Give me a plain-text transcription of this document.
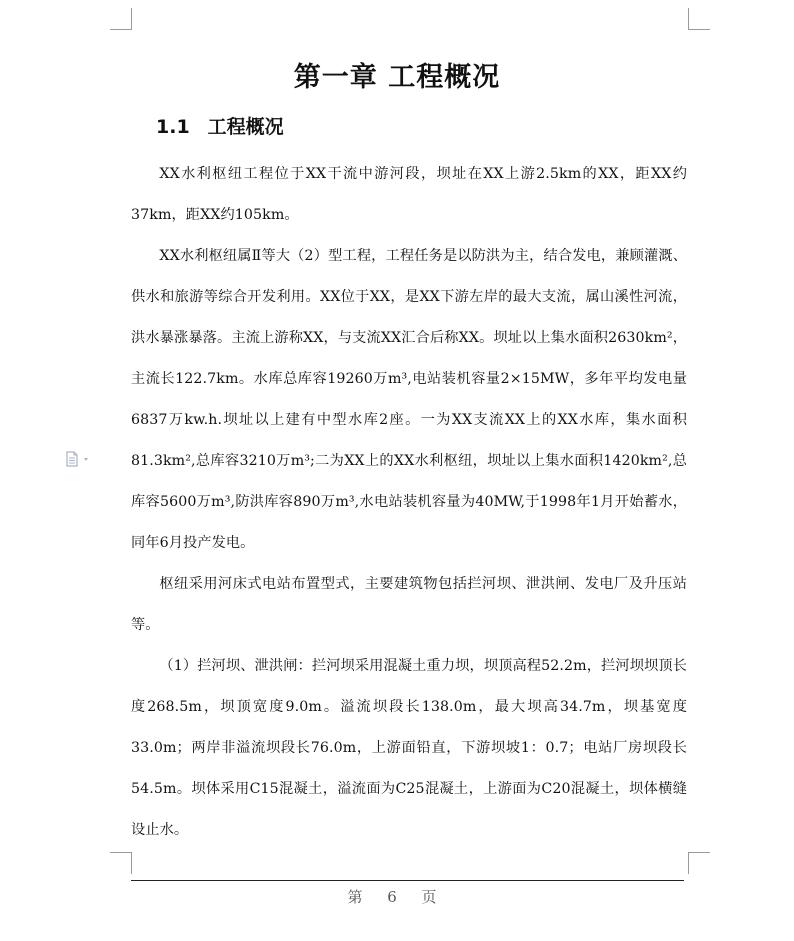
第一章 工程概况
1.1 工程概况

XX水利枢纽工程位于XX干流中游河段，坝址在XX上游2.5km的XX，距XX约37km，距XX约105km。

XX水利枢纽属Ⅱ等大（2）型工程，工程任务是以防洪为主，结合发电，兼顾灌溉、供水和旅游等综合开发利用。XX位于XX，是XX下游左岸的最大支流，属山溪性河流，洪水暴涨暴落。主流上游称XX，与支流XX汇合后称XX。坝址以上集水面积2630km²，主流长122.7km。水库总库容19260万m³,电站装机容量2×15MW，多年平均发电量6837万kw.h.坝址以上建有中型水库2座。一为XX支流XX上的XX水库，集水面积81.3km²,总库容3210万m³;二为XX上的XX水利枢纽，坝址以上集水面积1420km²,总库容5600万m³,防洪库容890万m³,水电站装机容量为40MW,于1998年1月开始蓄水，同年6月投产发电。

枢纽采用河床式电站布置型式，主要建筑物包括拦河坝、泄洪闸、发电厂及升压站等。

（1）拦河坝、泄洪闸：拦河坝采用混凝土重力坝，坝顶高程52.2m，拦河坝坝顶长度268.5m，坝顶宽度9.0m。溢流坝段长138.0m，最大坝高34.7m，坝基宽度33.0m；两岸非溢流坝段长76.0m，上游面铅直，下游坝坡1：0.7；电站厂房坝段长54.5m。坝体采用C15混凝土，溢流面为C25混凝土，上游面为C20混凝土，坝体横缝设止水。

第 6 页
